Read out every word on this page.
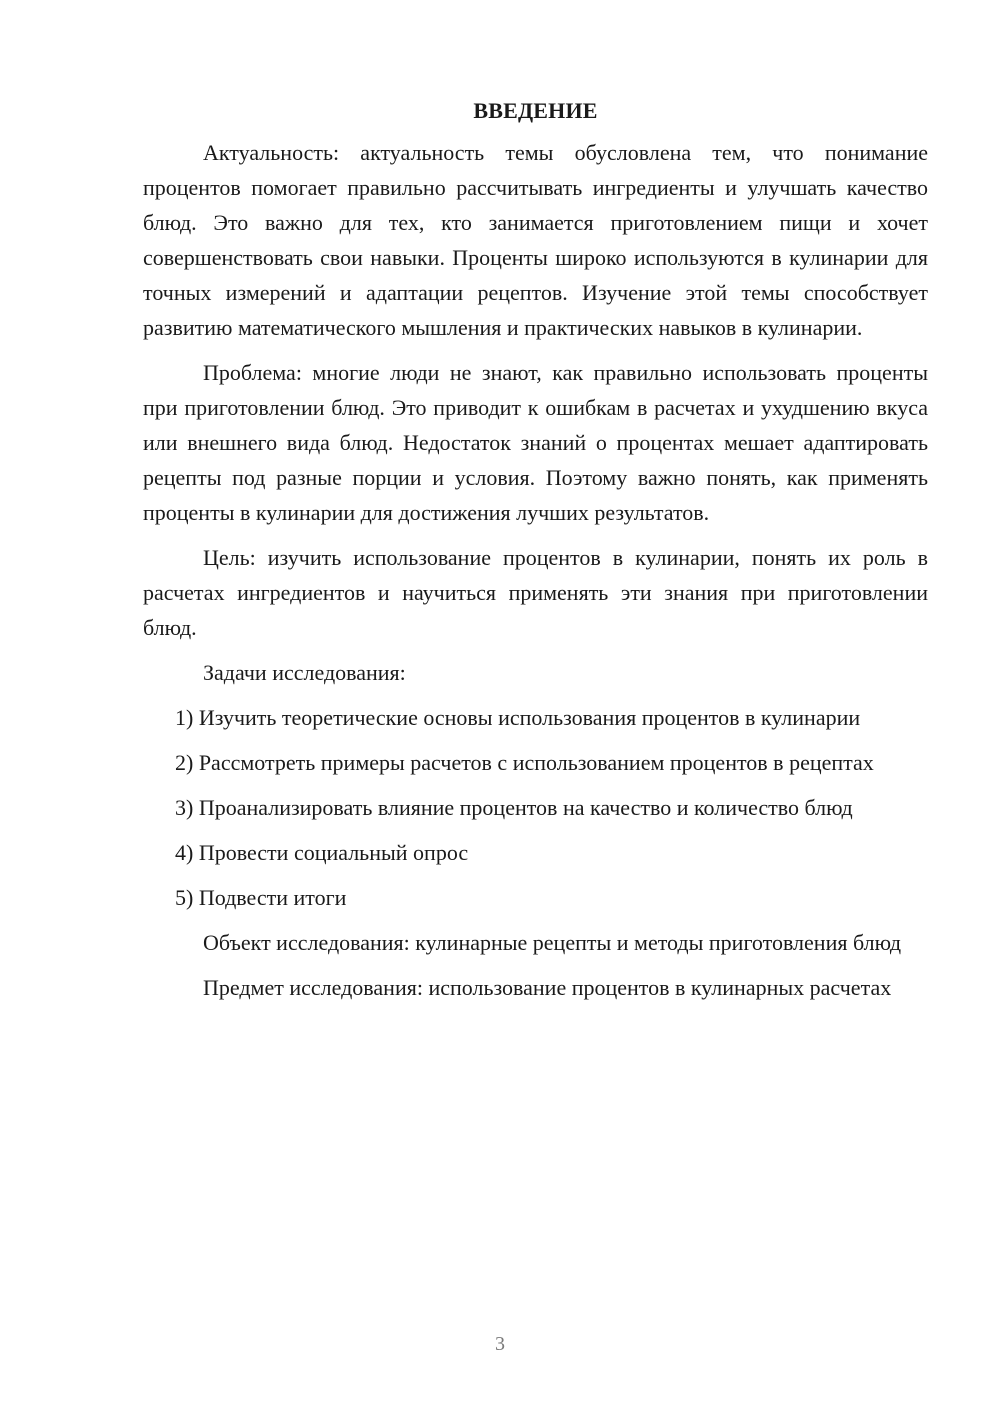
ВВЕДЕНИЕ

Актуальность: актуальность темы обусловлена тем, что понимание процентов помогает правильно рассчитывать ингредиенты и улучшать качество блюд. Это важно для тех, кто занимается приготовлением пищи и хочет совершенствовать свои навыки. Проценты широко используются в кулинарии для точных измерений и адаптации рецептов. Изучение этой темы способствует развитию математического мышления и практических навыков в кулинарии.

Проблема: многие люди не знают, как правильно использовать проценты при приготовлении блюд. Это приводит к ошибкам в расчетах и ухудшению вкуса или внешнего вида блюд. Недостаток знаний о процентах мешает адаптировать рецепты под разные порции и условия. Поэтому важно понять, как применять проценты в кулинарии для достижения лучших результатов.

Цель: изучить использование процентов в кулинарии, понять их роль в расчетах ингредиентов и научиться применять эти знания при приготовлении блюд.

Задачи исследования:

1) Изучить теоретические основы использования процентов в кулинарии

2) Рассмотреть примеры расчетов с использованием процентов в рецептах

3) Проанализировать влияние процентов на качество и количество блюд

4) Провести социальный опрос

5) Подвести итоги

Объект исследования: кулинарные рецепты и методы приготовления блюд

Предмет исследования: использование процентов в кулинарных расчетах

3
